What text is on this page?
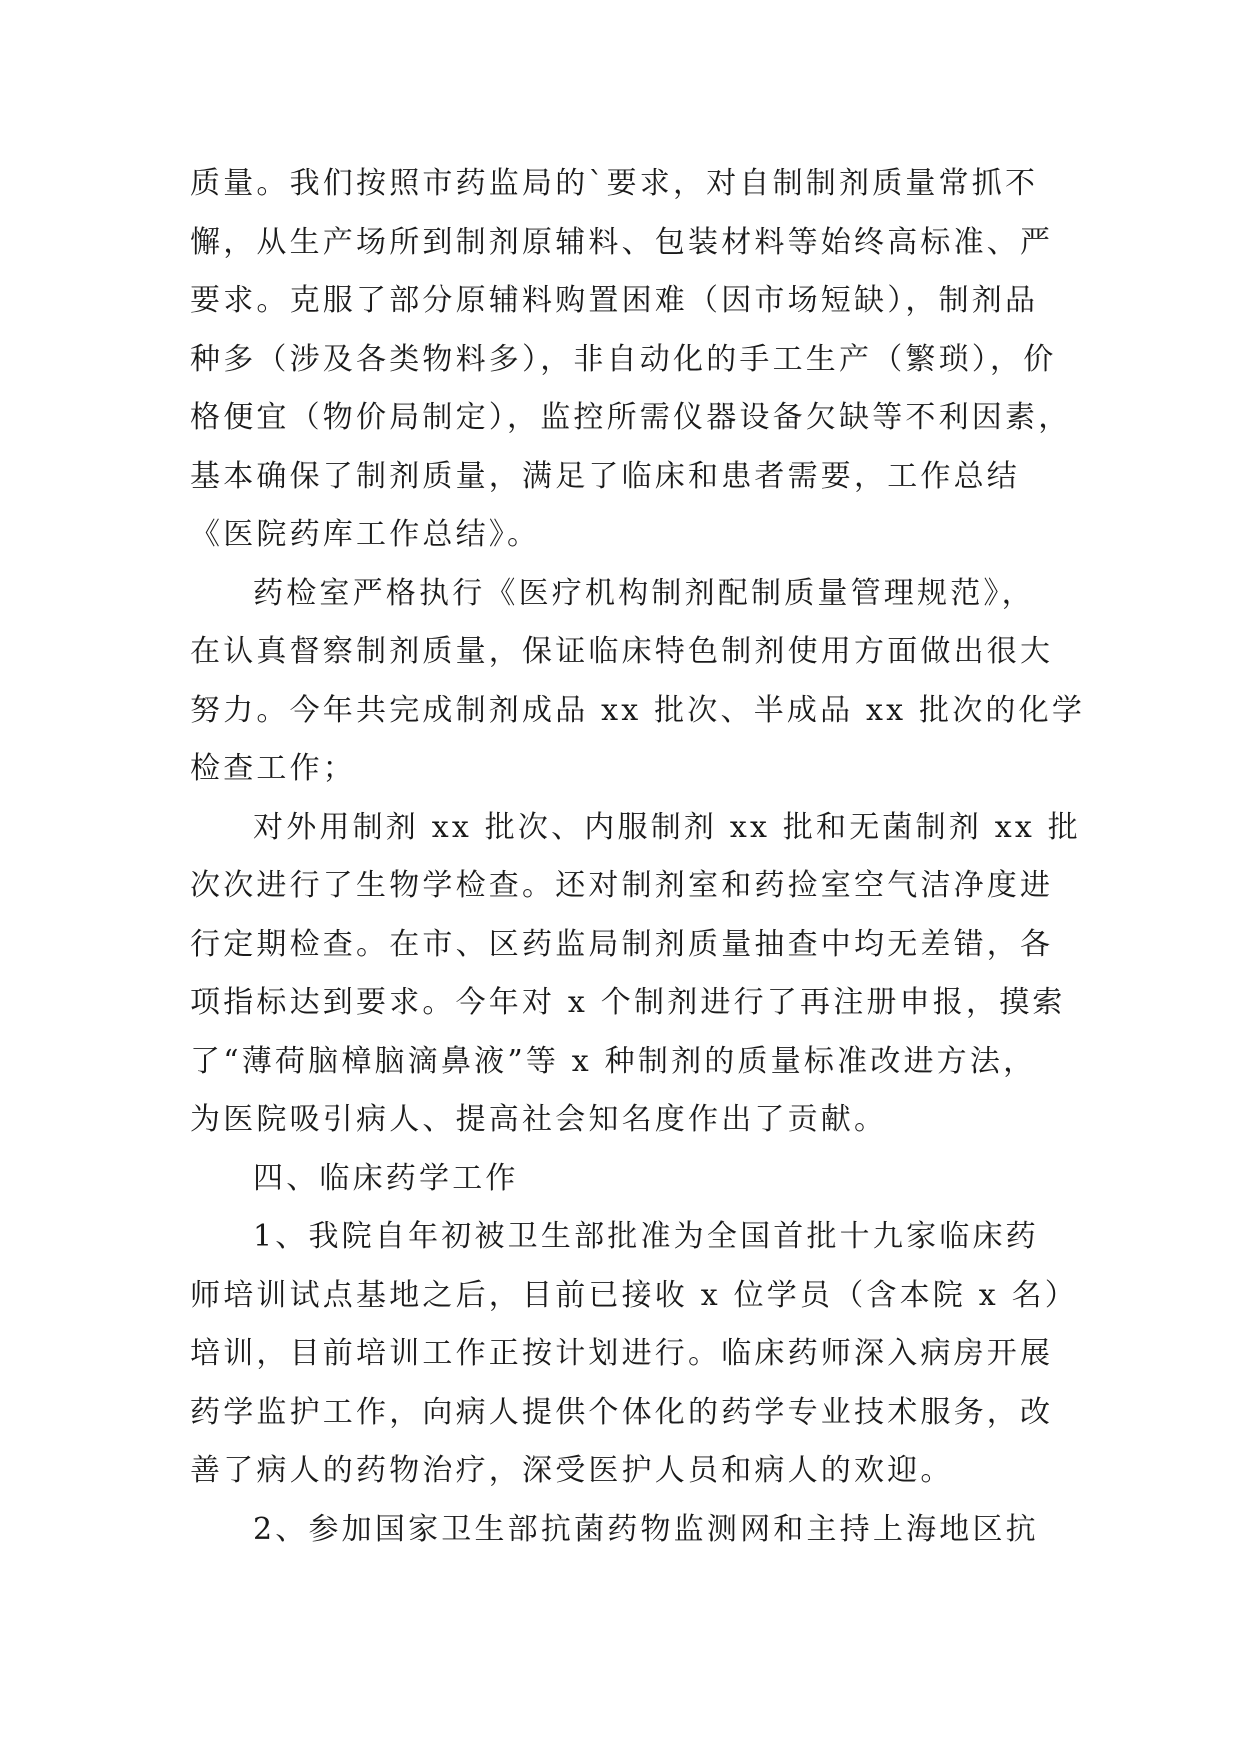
质量。我们按照市药监局的`要求，对自制制剂质量常抓不
懈，从生产场所到制剂原辅料、包装材料等始终高标准、严
要求。克服了部分原辅料购置困难（因市场短缺），制剂品
种多（涉及各类物料多），非自动化的手工生产（繁琐），价
格便宜（物价局制定），监控所需仪器设备欠缺等不利因素，
基本确保了制剂质量，满足了临床和患者需要，工作总结
《医院药库工作总结》。
药检室严格执行《医疗机构制剂配制质量管理规范》，
在认真督察制剂质量，保证临床特色制剂使用方面做出很大
努力。今年共完成制剂成品 xx 批次、半成品 xx 批次的化学
检查工作；
对外用制剂 xx 批次、内服制剂 xx 批和无菌制剂 xx 批
次次进行了生物学检查。还对制剂室和药捡室空气洁净度进
行定期检查。在市、区药监局制剂质量抽查中均无差错，各
项指标达到要求。今年对 x 个制剂进行了再注册申报，摸索
了“薄荷脑樟脑滴鼻液”等 x 种制剂的质量标准改进方法，
为医院吸引病人、提高社会知名度作出了贡献。
四、临床药学工作
1、我院自年初被卫生部批准为全国首批十九家临床药
师培训试点基地之后，目前已接收 x 位学员（含本院 x 名）
培训，目前培训工作正按计划进行。临床药师深入病房开展
药学监护工作，向病人提供个体化的药学专业技术服务，改
善了病人的药物治疗，深受医护人员和病人的欢迎。
2、参加国家卫生部抗菌药物监测网和主持上海地区抗
